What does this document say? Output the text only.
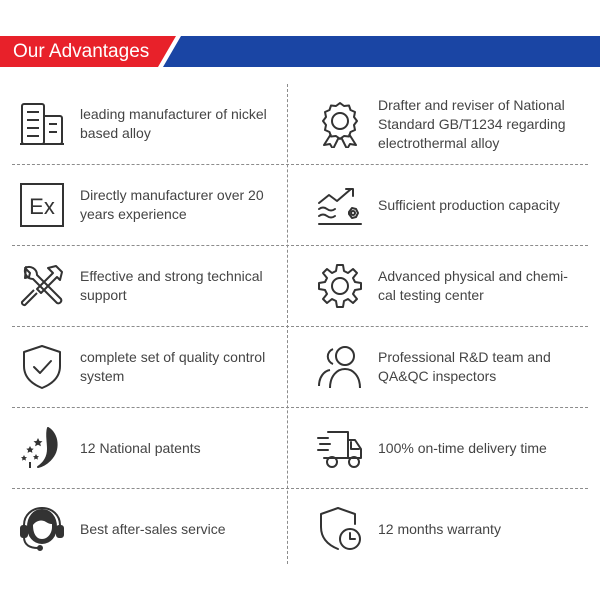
Our Advantages
leading manufacturer of nickel based alloy
Drafter and reviser of National Standard GB/T1234 regarding electrothermal alloy
Ex Directly manufacturer over 20 years experience
Sufficient production capacity
Effective and strong technical support
Advanced physical and chemi-cal testing center
complete set of quality control system
Professional R&D team and QA&QC inspectors
12 National patents	100% on-time delivery time
Best after-sales service	12 months warranty
